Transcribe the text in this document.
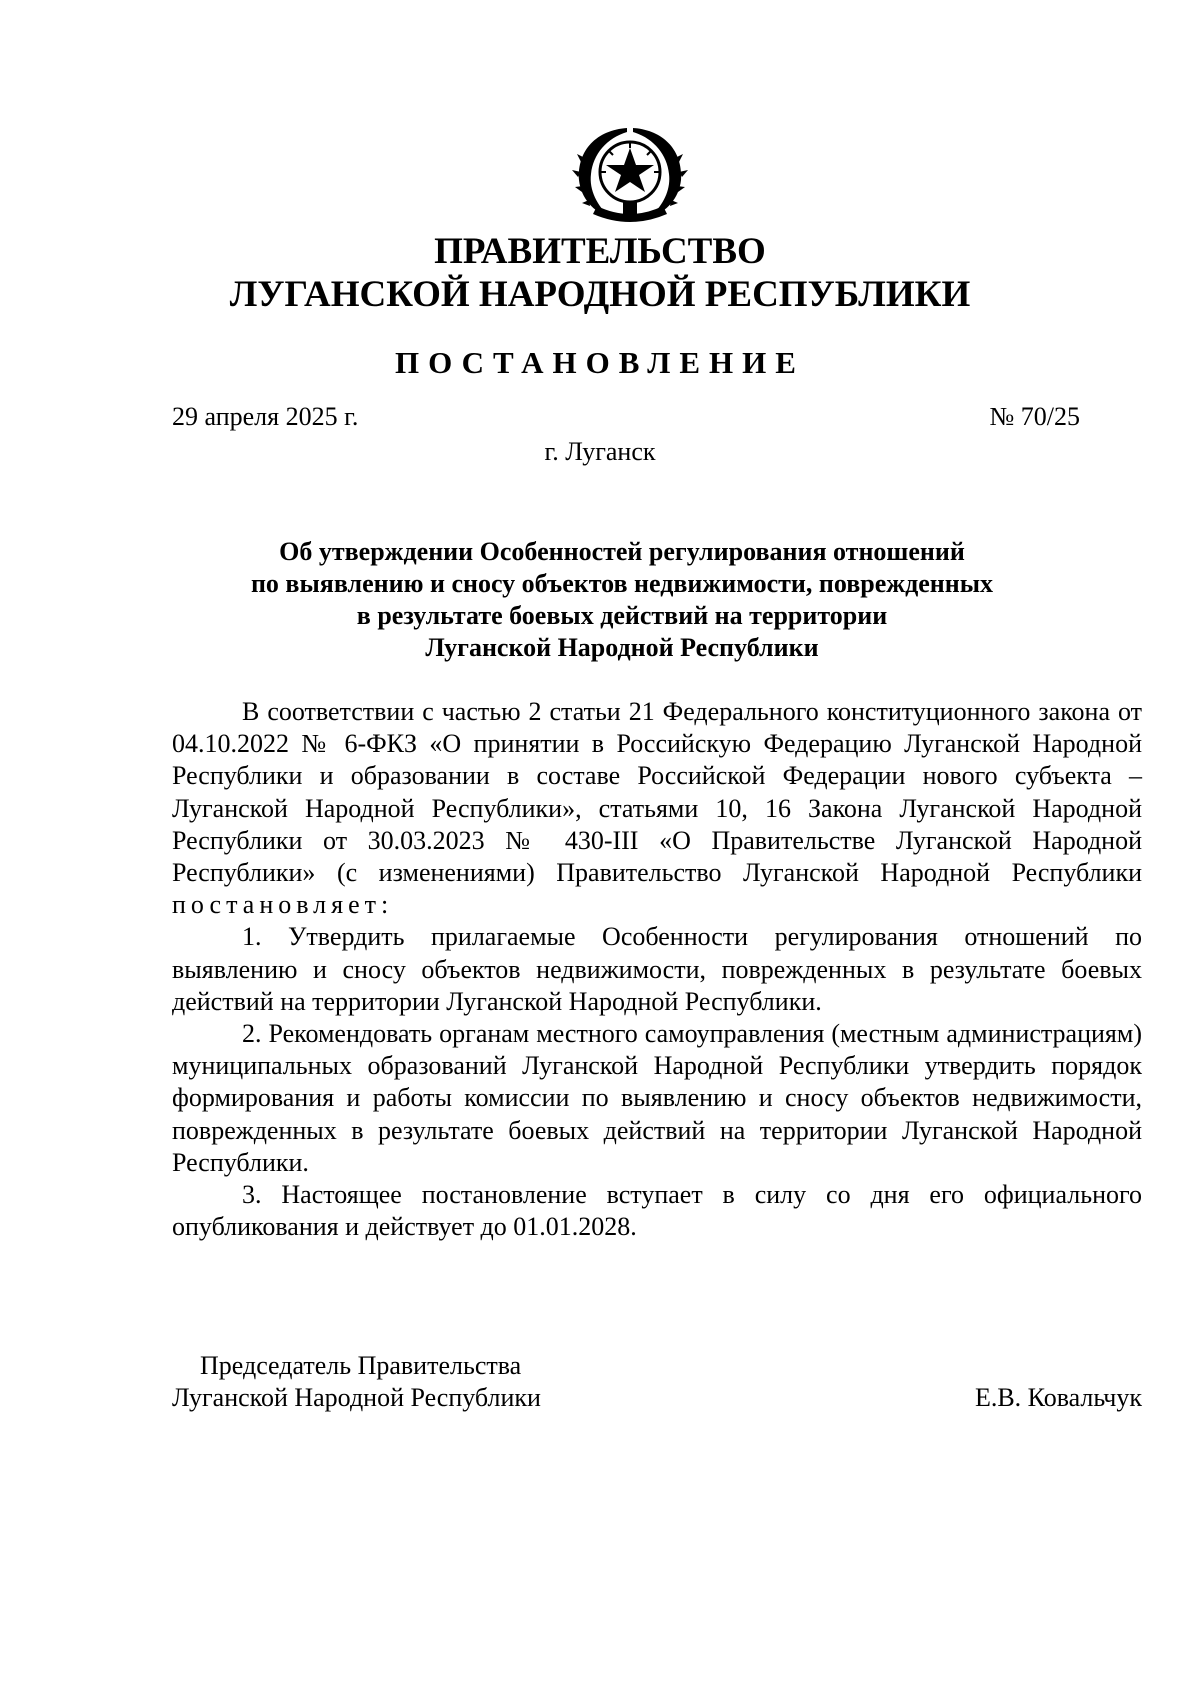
ПРАВИТЕЛЬСТВО
ЛУГАНСКОЙ НАРОДНОЙ РЕСПУБЛИКИ
ПОСТАНОВЛЕНИЕ
29 апреля 2025 г.	№ 70/25
г. Луганск
Об утверждении Особенностей регулирования отношений
по выявлению и сносу объектов недвижимости, поврежденных
в результате боевых действий на территории
Луганской Народной Республики

В соответствии с частью 2 статьи 21 Федерального конституционного закона от 04.10.2022 № 6-ФКЗ «О принятии в Российскую Федерацию Луганской Народной Республики и образовании в составе Российской Федерации нового субъекта – Луганской Народной Республики», статьями 10, 16 Закона Луганской Народной Республики от 30.03.2023 № 430-III «О Правительстве Луганской Народной Республики» (с изменениями) Правительство Луганской Народной Республики постановляет:

1. Утвердить прилагаемые Особенности регулирования отношений по выявлению и сносу объектов недвижимости, поврежденных в результате боевых действий на территории Луганской Народной Республики.

2. Рекомендовать органам местного самоуправления (местным администрациям) муниципальных образований Луганской Народной Республики утвердить порядок формирования и работы комиссии по выявлению и сносу объектов недвижимости, поврежденных в результате боевых действий на территории Луганской Народной Республики.

3. Настоящее постановление вступает в силу со дня его официального опубликования и действует до 01.01.2028.

Председатель Правительства
Луганской Народной Республики	Е.В. Ковальчук
